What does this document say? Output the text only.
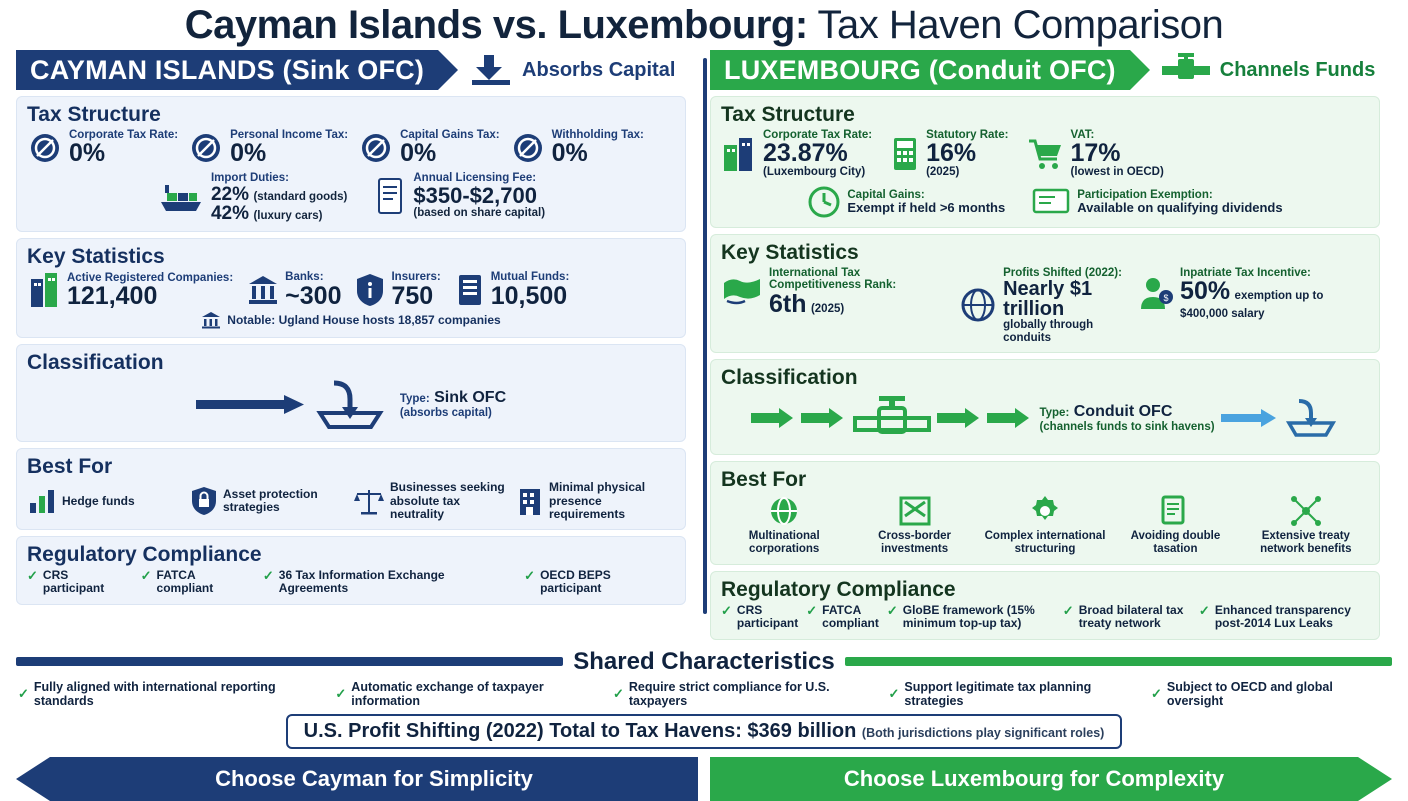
Cayman Islands vs. Luxembourg: Tax Haven Comparison
CAYMAN ISLANDS (Sink OFC)	Absorbs Capital
Tax Structure
Corporate Tax Rate:
0%
Personal Income Tax:
0%
Capital Gains Tax:
0%
Withholding Tax:
0%
Import Duties:
22% (standard goods)
42% (luxury cars)
Annual Licensing Fee:
$350-$2,700
(based on share capital)
Key Statistics
Active Registered Companies:
121,400
Banks:
~300
Insurers:
750
Mutual Funds:
10,500
Notable: Ugland House hosts 18,857 companies
Classification
Type: Sink OFC
(absorbs capital)
Best For
Hedge funds	Asset protection strategies
Businesses seeking absolute tax neutrality
Minimal physical presence requirements
Regulatory Compliance
✓ CRS participant
✓ FATCA compliant
✓ 36 Tax Information Exchange Agreements
✓ OECD BEPS participant
LUXEMBOURG (Conduit OFC)	Channels Funds
Tax Structure
Corporate Tax Rate:
23.87%
(Luxembourg City)
Statutory Rate:
16%
(2025)
VAT:
17%
(lowest in OECD)
Capital Gains:
Exempt if held >6 months
Participation Exemption:
Available on qualifying dividends
Key Statistics
International Tax Competitiveness Rank:
6th (2025)
Profits Shifted (2022):
Nearly $1 trillion
globally through conduits
$
Inpatriate Tax Incentive:
50% exemption up to $400,000 salary
Classification
Type: Conduit OFC
(channels funds to sink havens)
Best For
Multinational corporations
Cross-border investments
Complex international structuring
Avoiding double tasation
Extensive treaty network benefits
Regulatory Compliance
✓ CRS participant
✓ FATCA compliant
✓ GloBE framework (15% minimum top-up tax)
✓ Broad bilateral tax treaty network
✓ Enhanced transparency post-2014 Lux Leaks
Shared Characteristics
✓ Fully aligned with international reporting standards
✓ Automatic exchange of taxpayer information
✓ Require strict compliance for U.S. taxpayers
✓ Support legitimate tax planning strategies
✓ Subject to OECD and global oversight
U.S. Profit Shifting (2022) Total to Tax Havens: $369 billion (Both jurisdictions play significant roles)
Choose Cayman for Simplicity	Choose Luxembourg for Complexity
